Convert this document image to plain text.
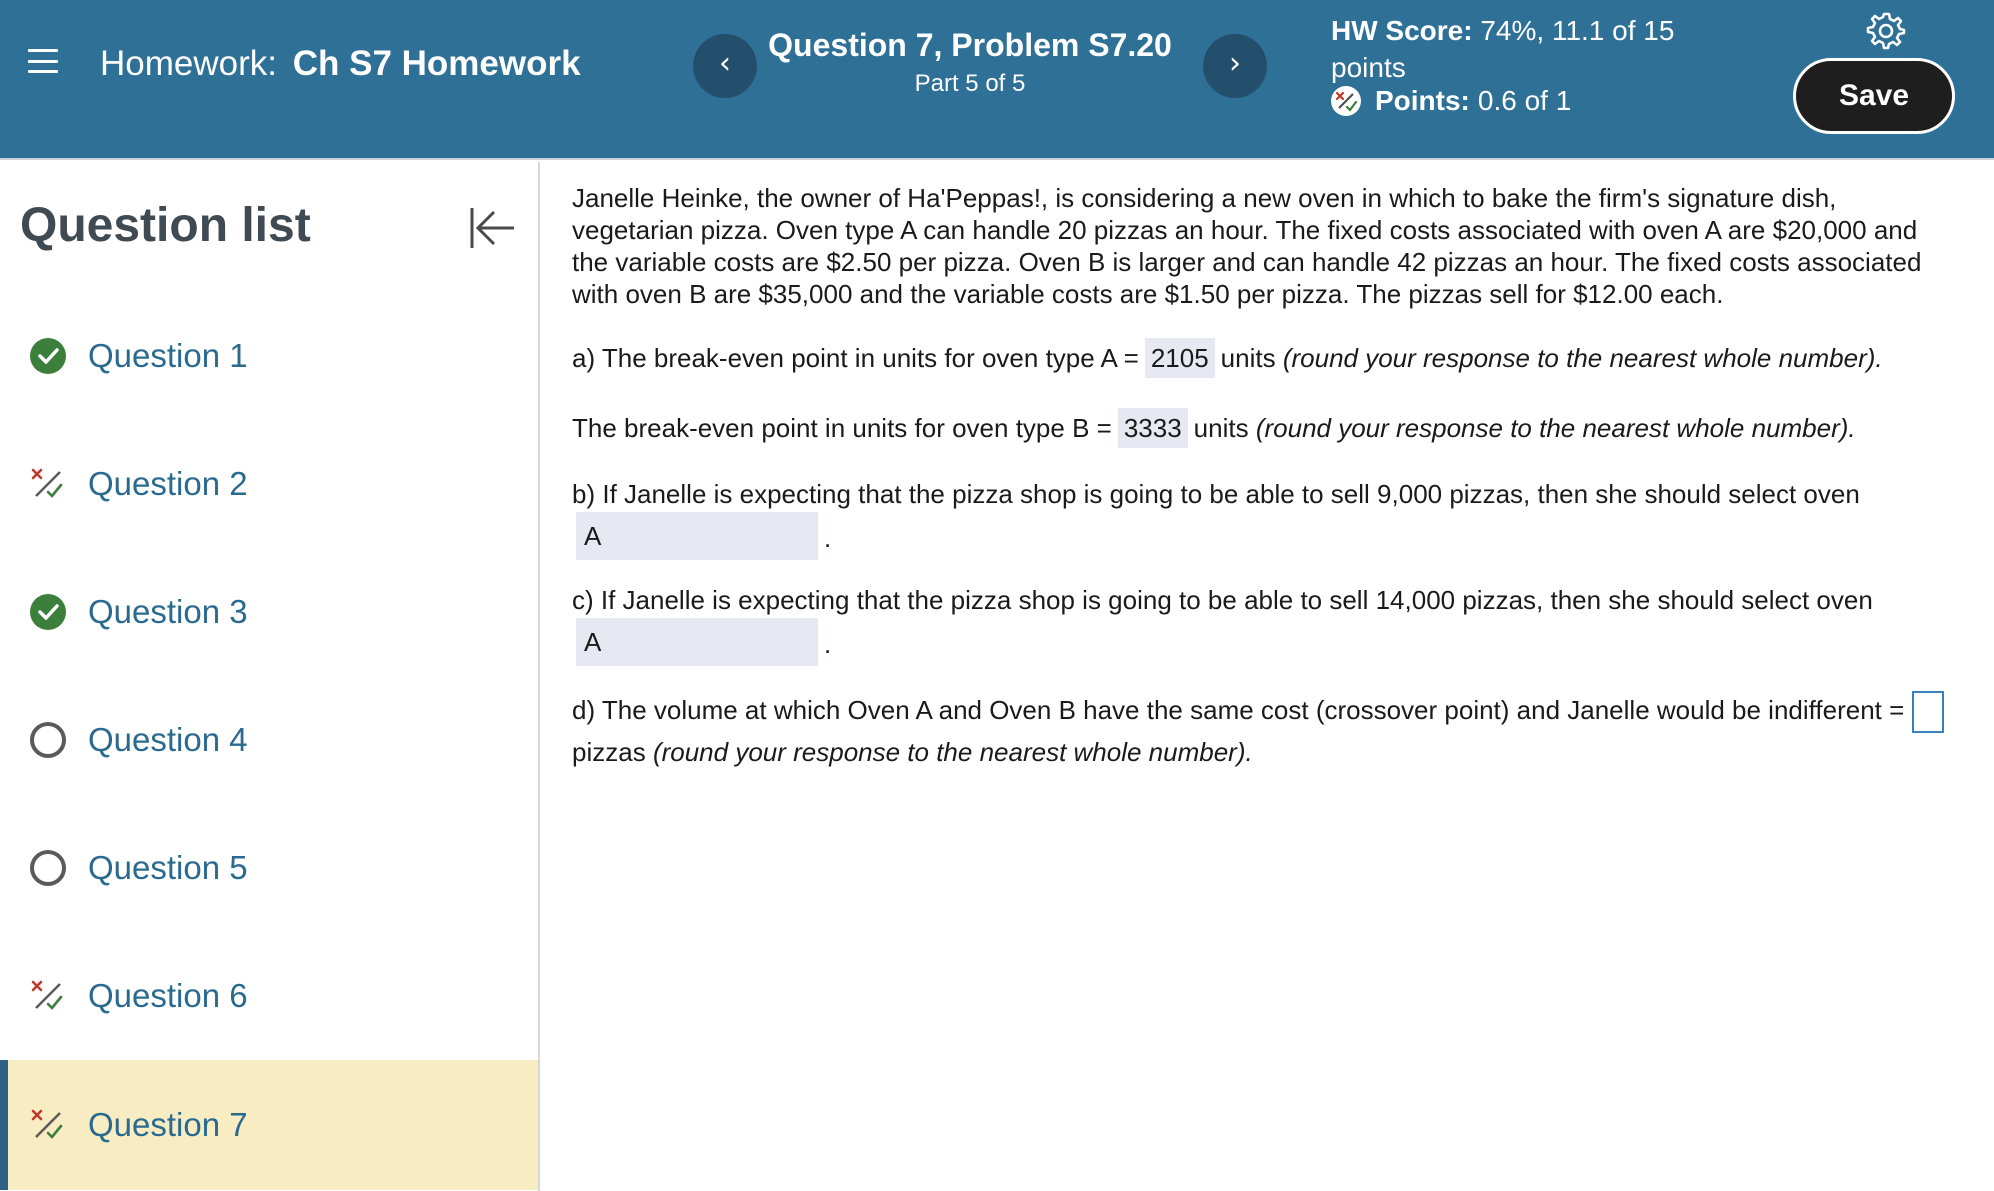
Homework: Ch S7 Homework	‹
Question 7, Problem S7.20
Part 5 of 5
›
HW Score: 74%, 11.1 of 15 points
Points: 0.6 of 1	Save
Question list
Question 1
Question 2
Question 3
Question 4
Question 5
Question 6
Question 7
Janelle Heinke, the owner of Ha'Peppas!, is considering a new oven in which to bake the firm's signature dish, vegetarian pizza. Oven type A can handle 20 pizzas an hour. The fixed costs associated with oven A are $20,000 and the variable costs are $2.50 per pizza. Oven B is larger and can handle 42 pizzas an hour. The fixed costs associated with oven B are $35,000 and the variable costs are $1.50 per pizza. The pizzas sell for $12.00 each.
a) The break-even point in units for oven type A = 2105 units (round your response to the nearest whole number).
The break-even point in units for oven type B = 3333 units (round your response to the nearest whole number).
b) If Janelle is expecting that the pizza shop is going to be able to sell 9,000 pizzas, then she should select oven
A	.
c) If Janelle is expecting that the pizza shop is going to be able to sell 14,000 pizzas, then she should select oven
A	.
d) The volume at which Oven A and Oven B have the same cost (crossover point) and Janelle would be indifferent =
pizzas (round your response to the nearest whole number).
